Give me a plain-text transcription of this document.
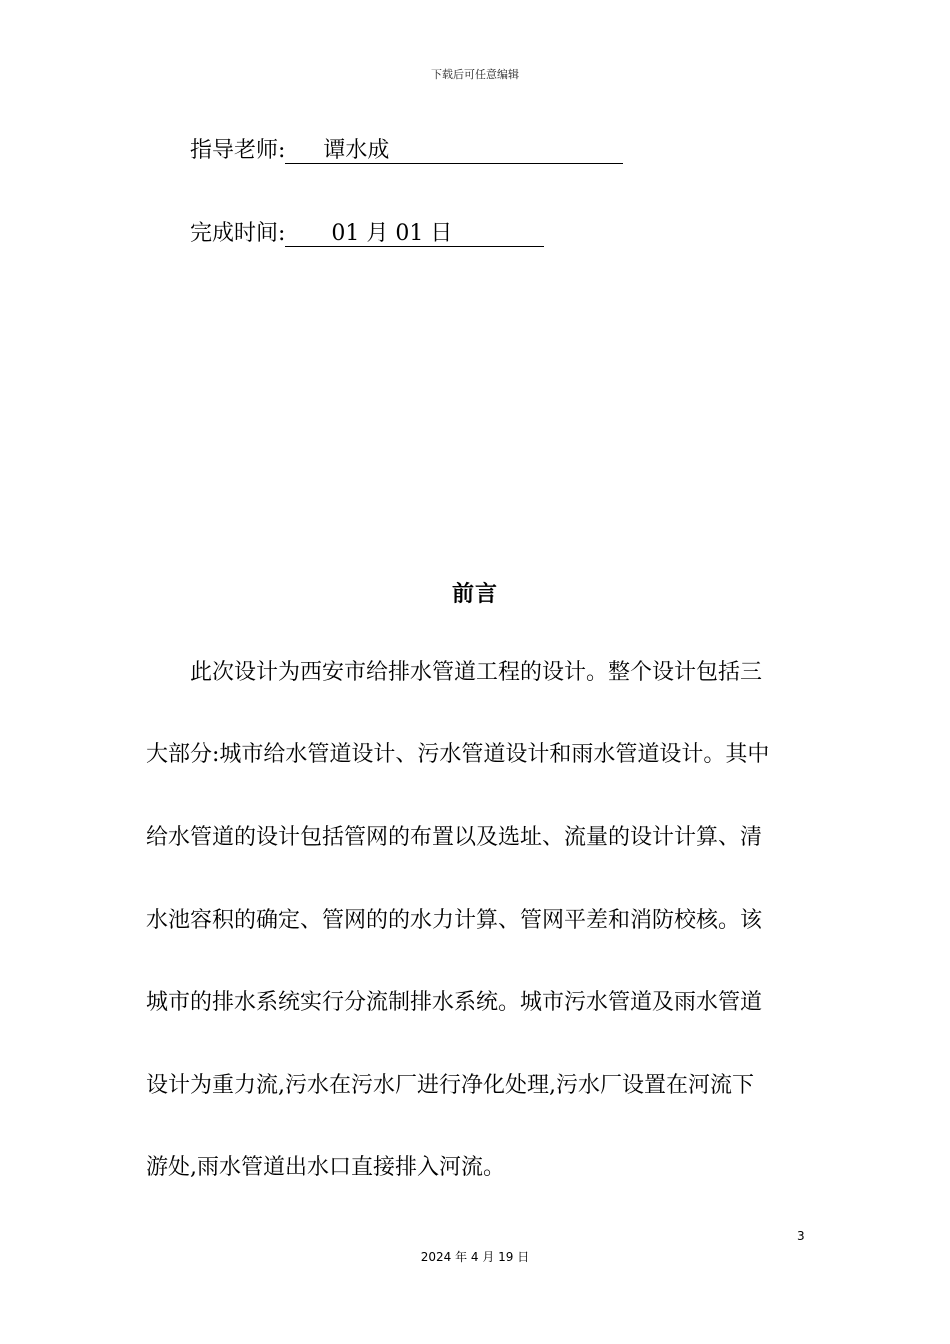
下载后可任意编辑
指导老师: 谭水成
完成时间: 01 月 01 日
前言
此次设计为西安市给排水管道工程的设计。整个设计包括三
大部分:城市给水管道设计、污水管道设计和雨水管道设计。其中
给水管道的设计包括管网的布置以及选址、流量的设计计算、清
水池容积的确定、管网的的水力计算、管网平差和消防校核。该
城市的排水系统实行分流制排水系统。城市污水管道及雨水管道
设计为重力流,污水在污水厂进行净化处理,污水厂设置在河流下
游处,雨水管道出水口直接排入河流。
3
2024 年 4 月 19 日
